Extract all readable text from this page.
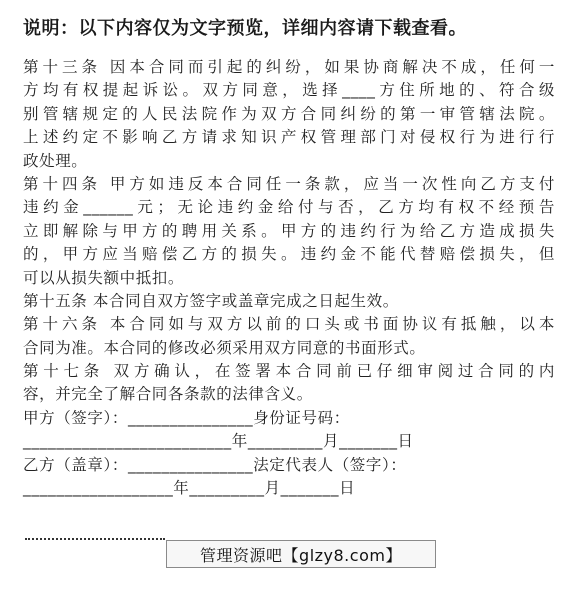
说明：以下内容仅为文字预览，详细内容请下载查看。
第十三条 因本合同而引起的纠纷，如果协商解决不成，任何一
方均有权提起诉讼。双方同意，选择____方住所地的、符合级
别管辖规定的人民法院作为双方合同纠纷的第一审管辖法院。
上述约定不影响乙方请求知识产权管理部门对侵权行为进行行
政处理。
第十四条 甲方如违反本合同任一条款，应当一次性向乙方支付
违约金______元；无论违约金给付与否，乙方均有权不经预告
立即解除与甲方的聘用关系。甲方的违约行为给乙方造成损失
的，甲方应当赔偿乙方的损失。违约金不能代替赔偿损失，但
可以从损失额中抵扣。
第十五条 本合同自双方签字或盖章完成之日起生效。
第十六条 本合同如与双方以前的口头或书面协议有抵触，以本
合同为准。本合同的修改必须采用双方同意的书面形式。
第十七条 双方确认，在签署本合同前已仔细审阅过合同的内
容，并完全了解合同各条款的法律含义。
甲方（签字）：_______________身份证号码：
_________________________年_________月_______日
乙方（盖章）：_______________法定代表人（签字）：
__________________年_________月_______日
管理资源吧【glzy8.com】
